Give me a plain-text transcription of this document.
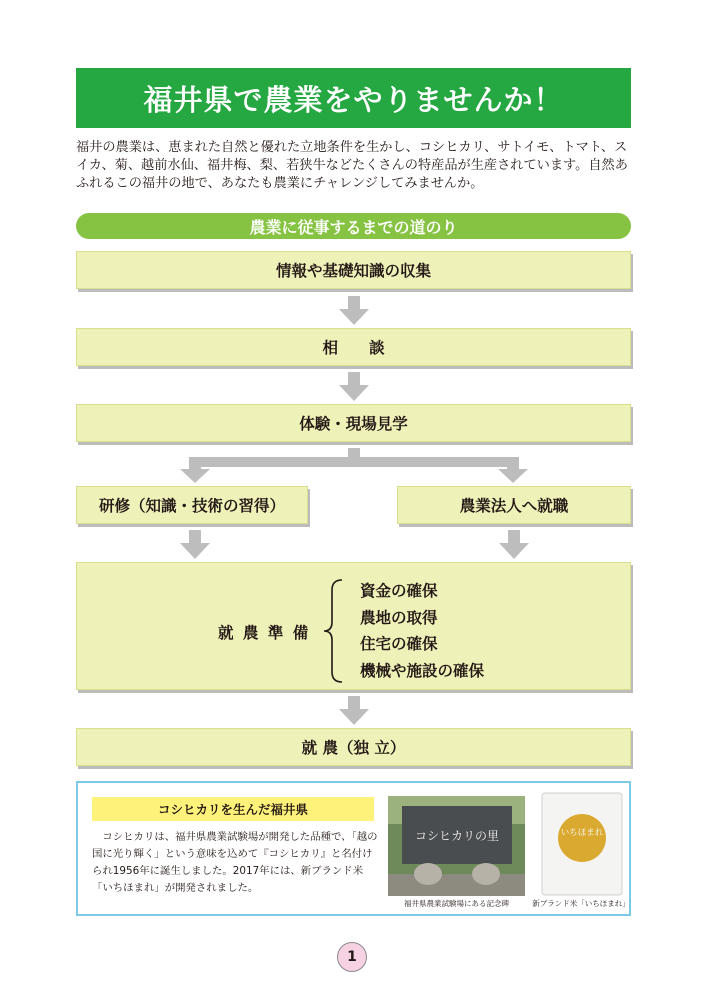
福井県で農業をやりませんか！

福井の農業は、恵まれた自然と優れた立地条件を生かし、コシヒカリ、サトイモ、トマト、スイカ、菊、越前水仙、福井梅、梨、若狭牛などたくさんの特産品が生産されています。自然あふれるこの福井の地で、あなたも農業にチャレンジしてみませんか。

農業に従事するまでの道のり
情報や基礎知識の収集
相　　談
体験・現場見学
研修（知識・技術の習得）	農業法人へ就職
就 農 準 備
資金の確保
農地の取得
住宅の確保
機械や施設の確保
就 農（独 立）
コシヒカリを生んだ福井県

　コシヒカリは、福井県農業試験場が開発した品種で、「越の国に光り輝く」という意味を込めて『コシヒカリ』と名付けられ1956年に誕生しました。2017年には、新ブランド米「いちほまれ」が開発されました。

コシヒカリの里
福井県農業試験場にある記念碑
いちほまれ
新ブランド米「いちほまれ」
1
